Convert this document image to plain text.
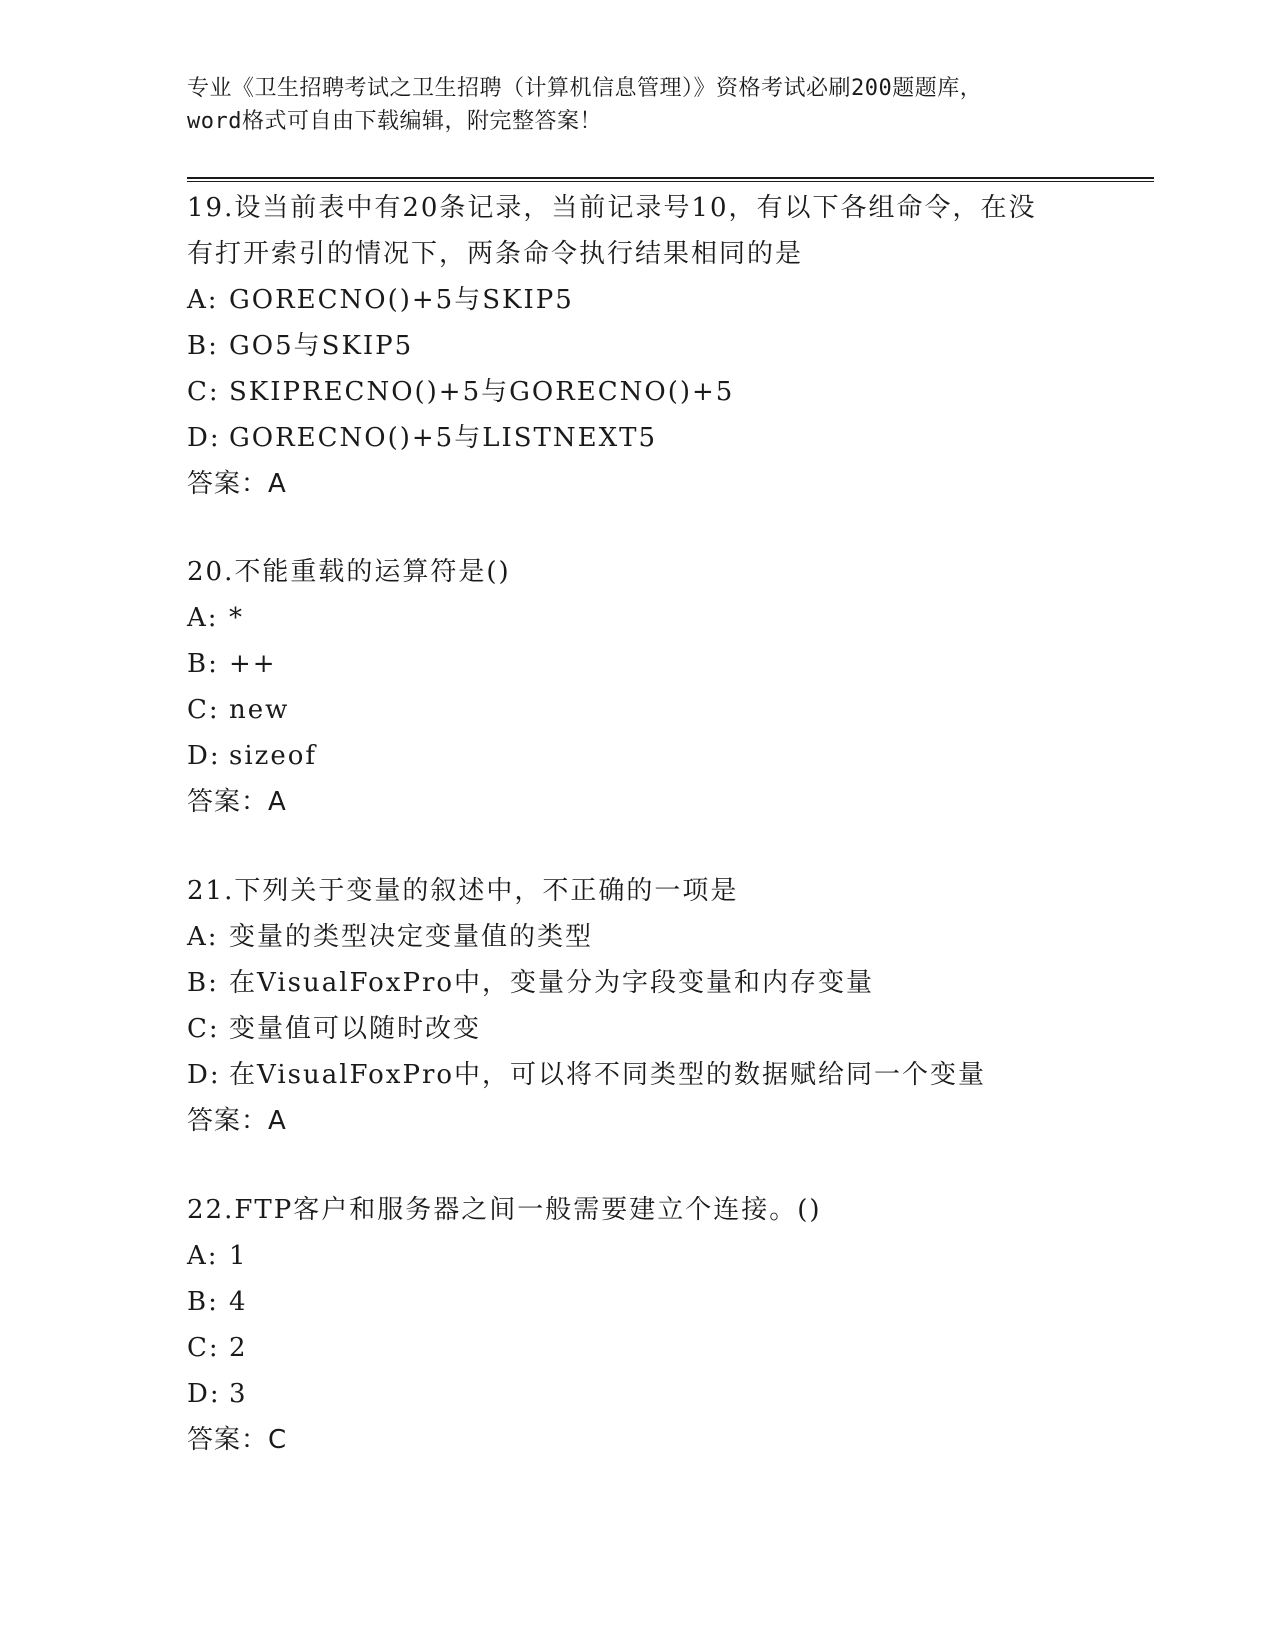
专业《卫生招聘考试之卫生招聘（计算机信息管理）》资格考试必刷200题题库，
word格式可自由下载编辑，附完整答案！
19.设当前表中有20条记录，当前记录号10，有以下各组命令，在没
有打开索引的情况下，两条命令执行结果相同的是
A: GORECNO()+5与SKIP5
B: GO5与SKIP5
C: SKIPRECNO()+5与GORECNO()+5
D: GORECNO()+5与LISTNEXT5
答案：A
20.不能重载的运算符是()
A: *
B: ++
C: new
D: sizeof
答案：A
21.下列关于变量的叙述中，不正确的一项是
A: 变量的类型决定变量值的类型
B: 在VisualFoxPro中，变量分为字段变量和内存变量
C: 变量值可以随时改变
D: 在VisualFoxPro中，可以将不同类型的数据赋给同一个变量
答案：A
22.FTP客户和服务器之间一般需要建立个连接。()
A: 1
B: 4
C: 2
D: 3
答案：C
